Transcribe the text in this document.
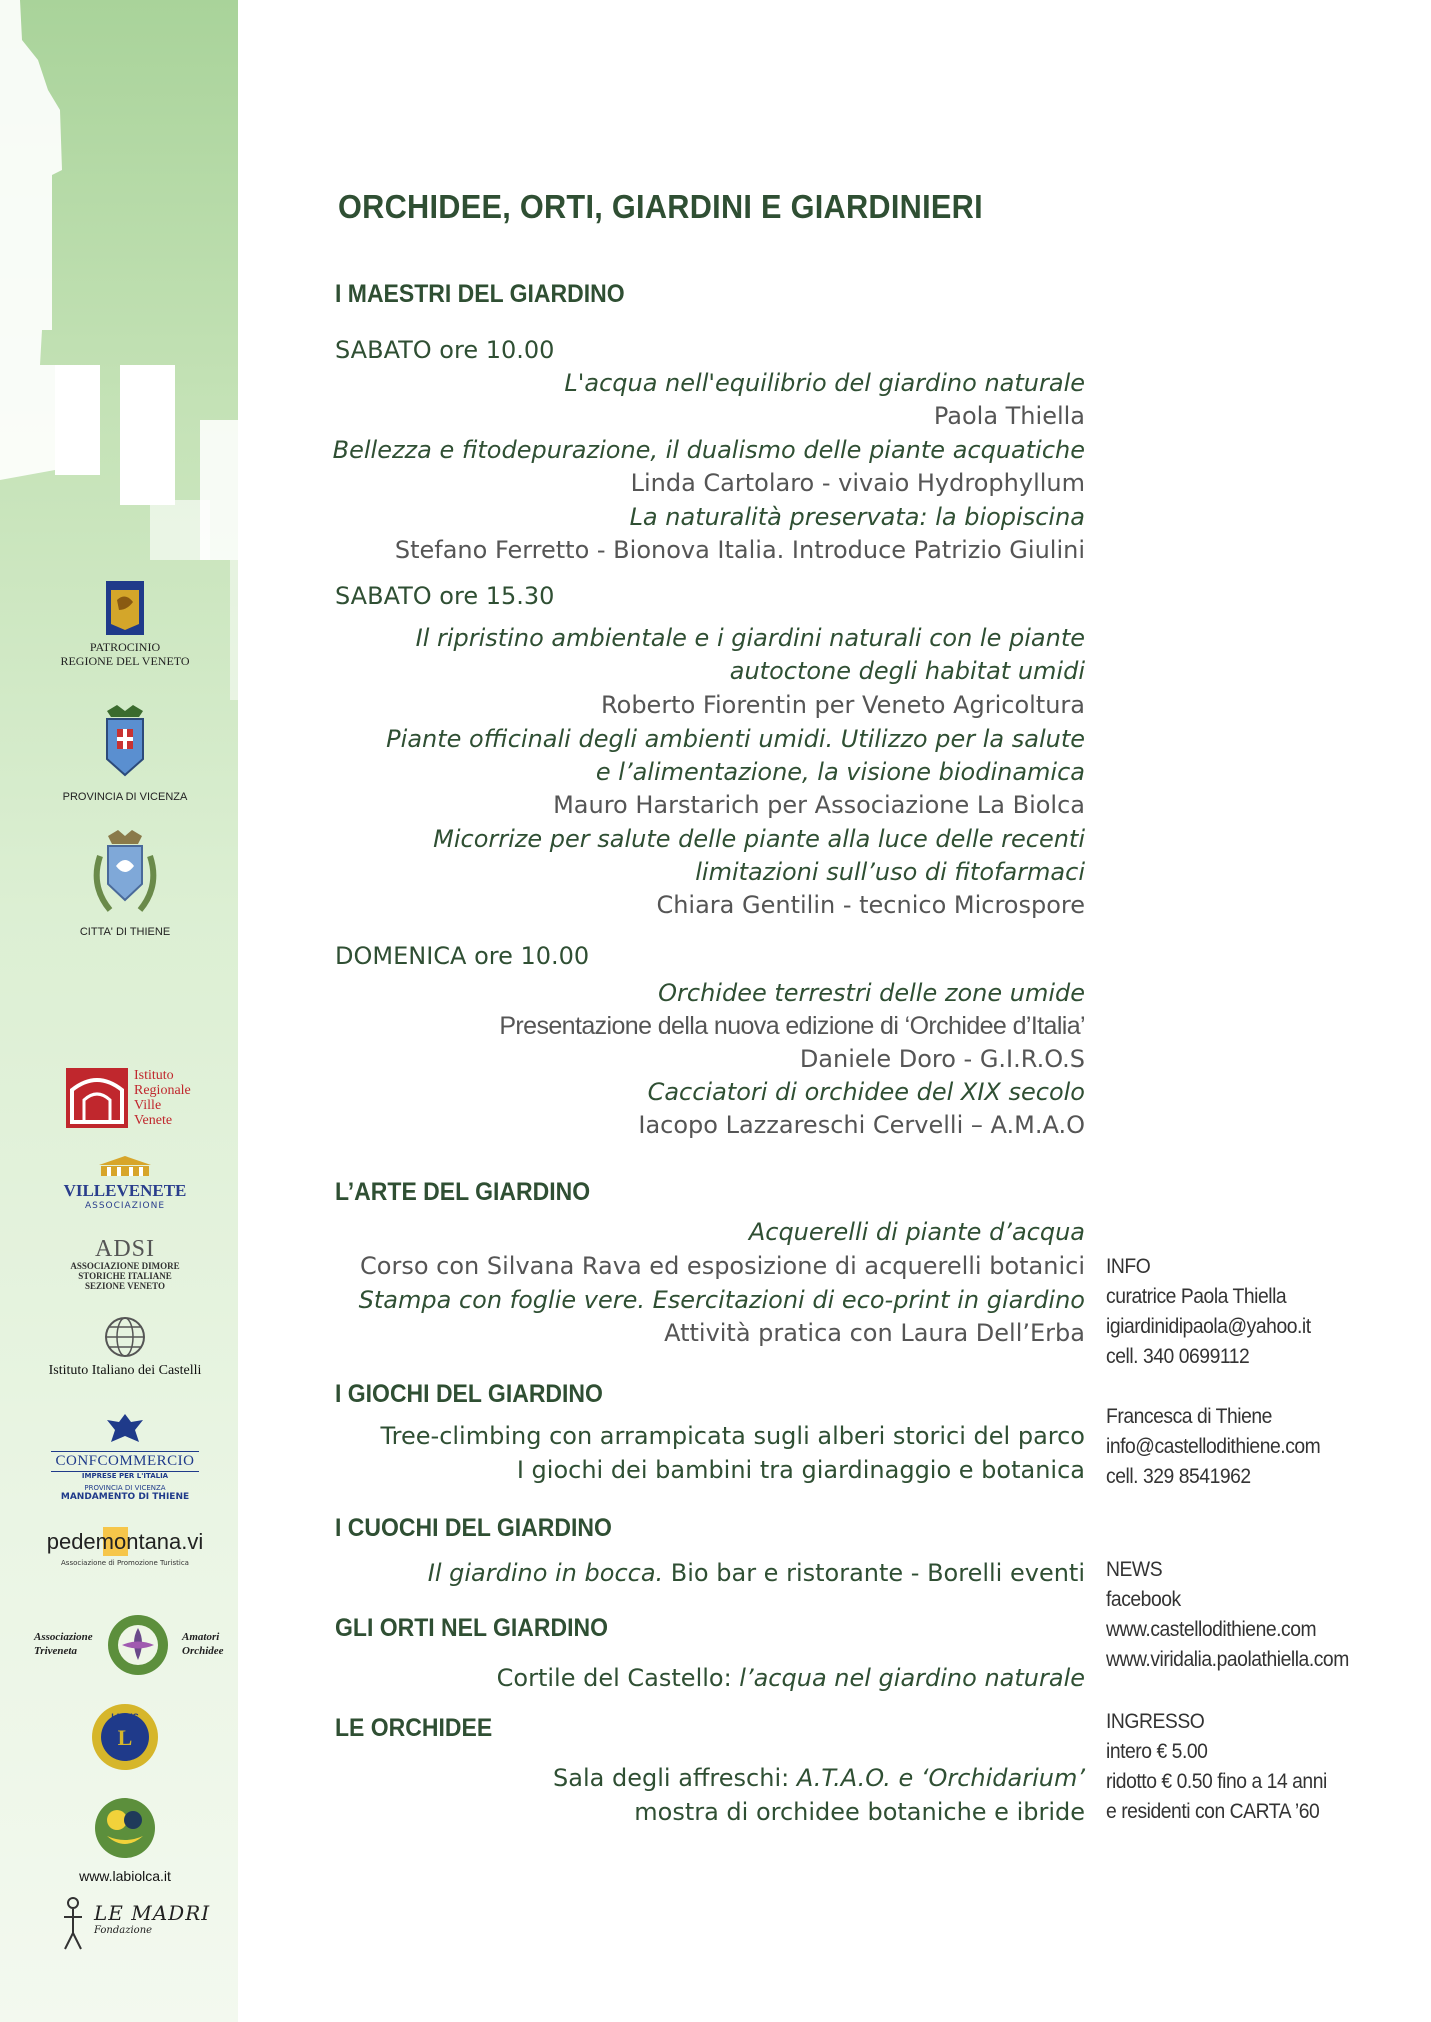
PATROCINIO
REGIONE DEL VENETO
PROVINCIA DI VICENZA
CITTA' DI THIENE
Istituto
Regionale
Ville
Venete
VILLEVENETE
ASSOCIAZIONE
ADSI
ASSOCIAZIONE DIMORE
STORICHE ITALIANE
SEZIONE VENETO
Istituto Italiano dei Castelli
CONFCOMMERCIO
IMPRESE PER L'ITALIA
PROVINCIA DI VICENZA
MANDAMENTO DI THIENE
pedemontana.vi
Associazione di Promozione Turistica
Associazione
Triveneta
Amatori
Orchidee
LIONS
L
www.labiolca.it
LE MADRI
Fondazione
ORCHIDEE, ORTI, GIARDINI E GIARDINIERI
I MAESTRI DEL GIARDINO
SABATO ore 10.00
L'acqua nell'equilibrio del giardino naturale
Paola Thiella
Bellezza e fitodepurazione, il dualismo delle piante acquatiche
Linda Cartolaro - vivaio Hydrophyllum
La naturalità preservata: la biopiscina
Stefano Ferretto - Bionova Italia. Introduce Patrizio Giulini
SABATO ore 15.30
Il ripristino ambientale e i giardini naturali con le piante
autoctone degli habitat umidi
Roberto Fiorentin per Veneto Agricoltura
Piante officinali degli ambienti umidi. Utilizzo per la salute
e l’alimentazione, la visione biodinamica
Mauro Harstarich per Associazione La Biolca
Micorrize per salute delle piante alla luce delle recenti
limitazioni sull’uso di fitofarmaci
Chiara Gentilin - tecnico Microspore
DOMENICA ore 10.00
Orchidee terrestri delle zone umide
Presentazione della nuova edizione di ‘Orchidee d’Italia’
Daniele Doro - G.I.R.O.S
Cacciatori di orchidee del XIX secolo
Iacopo Lazzareschi Cervelli – A.M.A.O
L’ARTE DEL GIARDINO
Acquerelli di piante d’acqua
Corso con Silvana Rava ed esposizione di acquerelli botanici
Stampa con foglie vere. Esercitazioni di eco-print in giardino
Attività pratica con Laura Dell’Erba
I GIOCHI DEL GIARDINO
Tree-climbing con arrampicata sugli alberi storici del parco
I giochi dei bambini tra giardinaggio e botanica
I CUOCHI DEL GIARDINO
Il giardino in bocca. Bio bar e ristorante - Borelli eventi
GLI ORTI NEL GIARDINO
Cortile del Castello: l’acqua nel giardino naturale
LE ORCHIDEE
Sala degli affreschi: A.T.A.O. e ‘Orchidarium’
mostra di orchidee botaniche e ibride
INFO
curatrice Paola Thiella
igiardinidipaola@yahoo.it
cell. 340 0699112
Francesca di Thiene
info@castellodithiene.com
cell. 329 8541962
NEWS
facebook
www.castellodithiene.com
www.viridalia.paolathiella.com
INGRESSO
intero € 5.00
ridotto € 0.50 fino a 14 anni
e residenti con CARTA ’60
